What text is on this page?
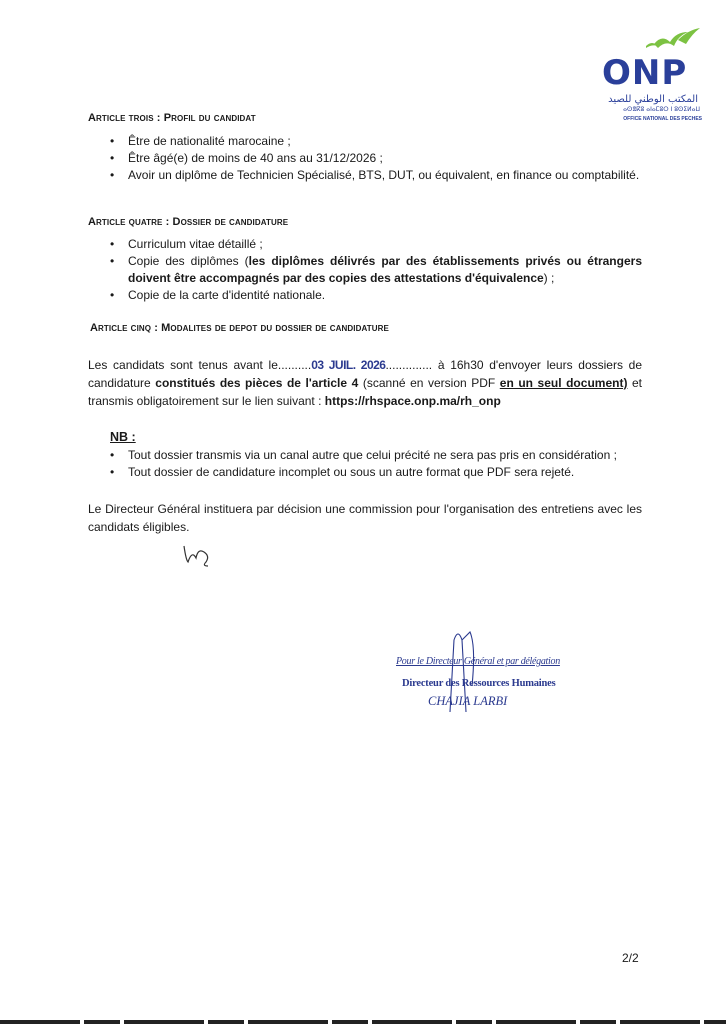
ONP
المكتب الوطني للصيد
ⴰⵙⴻⴽⵓ ⴰⵏⴰⵎⵓⵔ ⵏ ⵓⵙⵉⵍⴰⵡ
OFFICE NATIONAL DES PECHES
Article trois : Profil du candidat
• Être de nationalité marocaine ;
• Être âgé(e) de moins de 40 ans au 31/12/2026 ;
• Avoir un diplôme de Technicien Spécialisé, BTS, DUT, ou équivalent, en finance ou comptabilité.
Article quatre : Dossier de candidature
• Curriculum vitae détaillé ;
• Copie des diplômes (les diplômes délivrés par des établissements privés ou étrangers doivent être accompagnés par des copies des attestations d'équivalence) ;
• Copie de la carte d'identité nationale.
Article cinq : Modalites de depot du dossier de candidature
Les candidats sont tenus avant le..........03 JUIL. 2026.............. à 16h30 d'envoyer leurs dossiers de candidature constitués des pièces de l'article 4 (scanné en version PDF en un seul document) et transmis obligatoirement sur le lien suivant : https://rhspace.onp.ma/rh_onp
NB :
• Tout dossier transmis via un canal autre que celui précité ne sera pas pris en considération ;
• Tout dossier de candidature incomplet ou sous un autre format que PDF sera rejeté.
Le Directeur Général instituera par décision une commission pour l'organisation des entretiens avec les candidats éligibles.
Pour le Directeur Général et par délégation
Directeur des Ressources Humaines
CHAJIA LARBI
2/2
